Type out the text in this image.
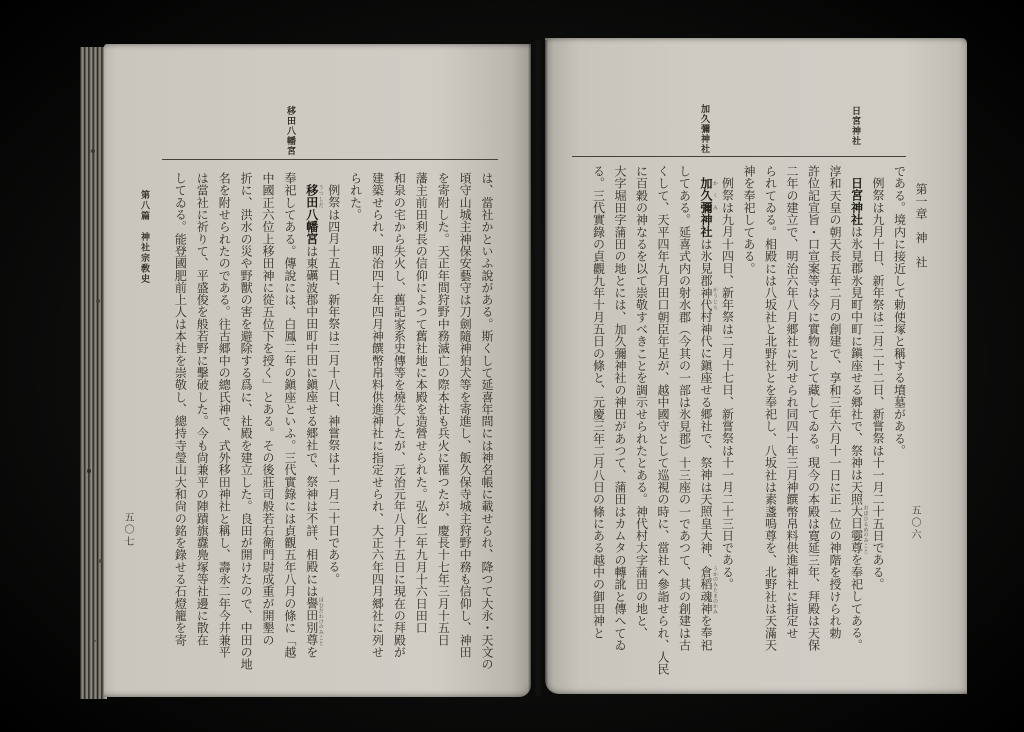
移田八幡宮
第八篇　神社宗敎史
五〇七	は、當社かといふ說がある。斯くして延喜年間には神名帳に載せられ、降つて大永・天文の
頃守山城主神保安藝守は刀劍隨神狛犬等を寄進し、飯久保寺城主狩野中務も信仰し、神田
を寄附した。天正年間狩野中務滅亡の際本社も兵火に罹つたが、慶長十七年三月十五日
藩主前田利長の信仰によつて舊社地に本殿を造營せられた。弘化二年九月十六日田口
和泉の宅から失火し、舊記家系史傳等を燒失したが、元治元年八月十五日に現在の拜殿が
建築せられ、明治四十年四月神饌幣帛料供進神社に指定せられ、大正六年四月郷社に列せ
られた。
例祭は四月十五日、新年祭は二月十八日、神嘗祭は十一月二十日である。
移田 うつしだ八幡宮は東礪波郡中田町中田に鎭座せる郷社で、祭神は不詳、相殿には譽田別尊 ほむだわけのみことを
奉祀してある。傳說には、白鳳二年の鎭座といふ。三代實錄には貞觀五年八月の條に「越
中國正六位上移田神に從五位下を授く」とある。その後莊司般若右衛門尉成重が開墾の
折に、洪水の災や野獸の害を避除する爲に、社殿を建立した。良田が開けたので、中田の地
名を附せられたのである。往古郷中の總氏神で、式外移田神社と稱し、壽永二年今井兼平
は當社に祈りて、平盛俊を般若野に擊破した。今も尙兼平の陣蹟旗纛鳧塚等社邊に散在
してゐる。能登國肥前上人は本社を崇敬し、總持寺瑩山大和尙の銘を錄せる石燈籠を寄
日宮神社
加久彌神社
五〇六
第一章　神　社
である。境内に接近して勅使塚と稱する墳墓がある。
例祭は九月十日、新年祭は二月二十二日、新嘗祭は十一月二十五日である。
日宮神社は氷見郡氷見町中町に鎭座せる郷社で、祭神は天照大日孁尊 おほひるめのみことを奉祀してある。
淳和天皇の朝天長五年二月の創建で、享和三年六月十一日に正一位の神階を授けられ勅
許位記宣旨・口宣案等は今に實物として藏してゐる。現今の本殿は寛延三年、拜殿は天保
二年の建立で、明治六年八月郷社に列せられ同四十年三月神饌幣帛料供進神社に指定せ
られてゐる。相殿には八坂社と北野社とを奉祀し、八坂社は素盞嗚尊を、北野社は天滿天
神を奉祀してある。
例祭は九月十四日、新年祭は二月十七日、新嘗祭は十一月二十三日である。
加久彌 かくみ神社は氷見郡神代 かうじろ村神代に鎭座せる郷社で、祭神は天照皇大神、倉稻魂神 うかのみたまのかみを奉祀
してある。延喜式内の射水郡（今其の一部は氷見郡）十三座の一であつて、其の創建は古
くして、天平四年九月田口朝臣年足が、越中國守として巡視の時に、當社へ參詣せられ、人民
に百穀の神なるを以て崇敬すべきことを調示せられたとある。神代村大字蒲田の地と、
大字堀田字蒲田の地とには、加久彌神社の神田があつて、蒲田はカムタの轉訛と傳へてゐ
る。三代實錄の貞觀九年十月五日の條と、元慶三年二月八日の條にある越中の御田神と
